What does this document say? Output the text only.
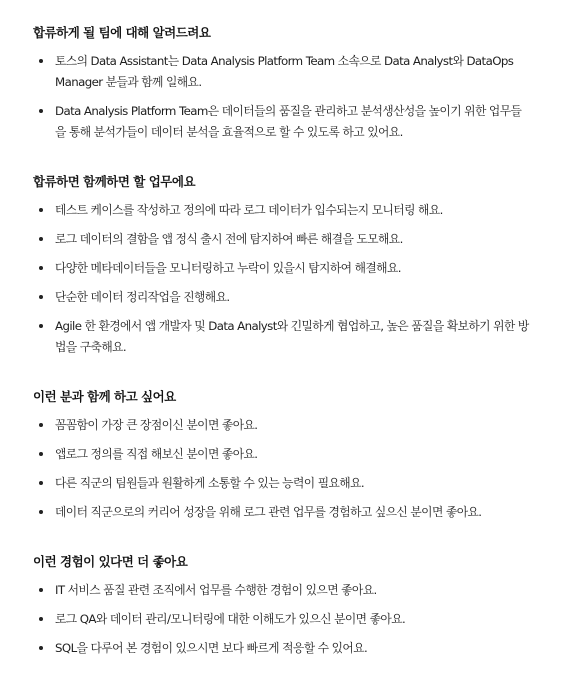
합류하게 될 팀에 대해 알려드려요
토스의 Data Assistant는 Data Analysis Platform Team 소속으로 Data Analyst와 DataOps Manager 분들과 함께 일해요.
Data Analysis Platform Team은 데이터들의 품질을 관리하고 분석생산성을 높이기 위한 업무들을 통해 분석가들이 데이터 분석을 효율적으로 할 수 있도록 하고 있어요.
합류하면 함께하면 할 업무에요
테스트 케이스를 작성하고 정의에 따라 로그 데이터가 입수되는지 모니터링 해요.
로그 데이터의 결함을 앱 정식 출시 전에 탐지하여 빠른 해결을 도모해요.
다양한 메타데이터들을 모니터링하고 누락이 있을시 탐지하여 해결해요.
단순한 데이터 정리작업을 진행해요.
Agile 한 환경에서 앱 개발자 및 Data Analyst와 긴밀하게 협업하고, 높은 품질을 확보하기 위한 방법을 구축해요.
이런 분과 함께 하고 싶어요
꼼꼼함이 가장 큰 장점이신 분이면 좋아요.
앱로그 정의를 직접 해보신 분이면 좋아요.
다른 직군의 팀원들과 원활하게 소통할 수 있는 능력이 필요해요.
데이터 직군으로의 커리어 성장을 위해 로그 관련 업무를 경험하고 싶으신 분이면 좋아요.
이런 경험이 있다면 더 좋아요
IT 서비스 품질 관련 조직에서 업무를 수행한 경험이 있으면 좋아요.
로그 QA와 데이터 관리/모니터링에 대한 이해도가 있으신 분이면 좋아요.
SQL을 다루어 본 경험이 있으시면 보다 빠르게 적응할 수 있어요.
